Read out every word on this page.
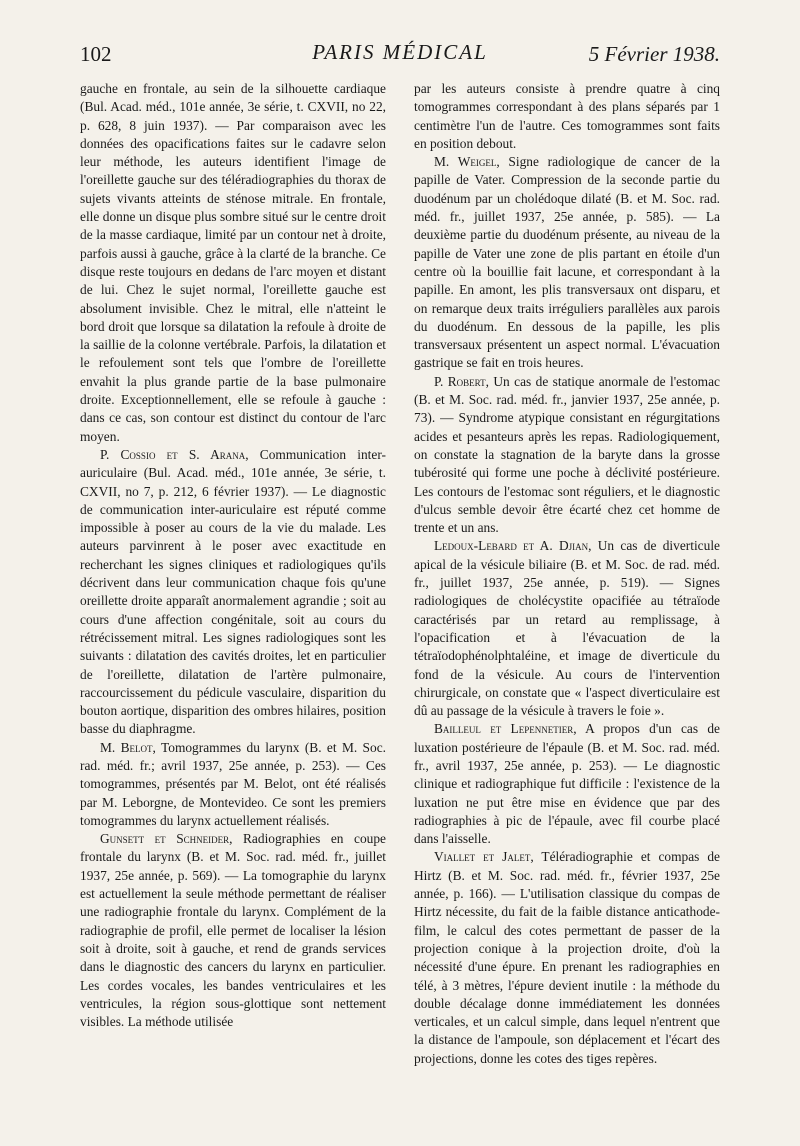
102	PARIS MÉDICAL	5 Février 1938.

gauche en frontale, au sein de la silhouette cardiaque (Bul. Acad. méd., 101e année, 3e série, t. CXVII, no 22, p. 628, 8 juin 1937). — Par comparaison avec les données des opacifications faites sur le cadavre selon leur méthode, les auteurs identifient l'image de l'oreillette gauche sur des téléradiographies du thorax de sujets vivants atteints de sténose mitrale. En frontale, elle donne un disque plus sombre situé sur le centre droit de la masse cardiaque, limité par un contour net à droite, parfois aussi à gauche, grâce à la clarté de la branche. Ce disque reste toujours en dedans de l'arc moyen et distant de lui. Chez le sujet normal, l'oreillette gauche est absolument invisible. Chez le mitral, elle n'atteint le bord droit que lorsque sa dilatation la refoule à droite de la saillie de la colonne vertébrale. Parfois, la dilatation et le refoulement sont tels que l'ombre de l'oreillette envahit la plus grande partie de la base pulmonaire droite. Exceptionnellement, elle se refoule à gauche : dans ce cas, son contour est distinct du contour de l'arc moyen.

P. Cossio et S. Arana, Communication inter-auriculaire (Bul. Acad. méd., 101e année, 3e série, t. CXVII, no 7, p. 212, 6 février 1937). — Le diagnostic de communication inter-auriculaire est réputé comme impossible à poser au cours de la vie du malade. Les auteurs parvinrent à le poser avec exactitude en recherchant les signes cliniques et radiologiques qu'ils décrivent dans leur communication chaque fois qu'une oreillette droite apparaît anormalement agrandie ; soit au cours d'une affection congénitale, soit au cours du rétrécissement mitral. Les signes radiologiques sont les suivants : dilatation des cavités droites, let en particulier de l'oreillette, dilatation de l'artère pulmonaire, raccourcissement du pédicule vasculaire, disparition du bouton aortique, disparition des ombres hilaires, position basse du diaphragme.

M. Belot, Tomogrammes du larynx (B. et M. Soc. rad. méd. fr.; avril 1937, 25e année, p. 253). — Ces tomogrammes, présentés par M. Belot, ont été réalisés par M. Leborgne, de Montevideo. Ce sont les premiers tomogrammes du larynx actuellement réalisés.

Gunsett et Schneider, Radiographies en coupe frontale du larynx (B. et M. Soc. rad. méd. fr., juillet 1937, 25e année, p. 569). — La tomographie du larynx est actuellement la seule méthode permettant de réaliser une radiographie frontale du larynx. Complément de la radiographie de profil, elle permet de localiser la lésion soit à droite, soit à gauche, et rend de grands services dans le diagnostic des cancers du larynx en particulier. Les cordes vocales, les bandes ventriculaires et les ventricules, la région sous-glottique sont nettement visibles. La méthode utilisée

par les auteurs consiste à prendre quatre à cinq tomogrammes correspondant à des plans séparés par 1 centimètre l'un de l'autre. Ces tomogrammes sont faits en position debout.

M. Weigel, Signe radiologique de cancer de la papille de Vater. Compression de la seconde partie du duodénum par un cholédoque dilaté (B. et M. Soc. rad. méd. fr., juillet 1937, 25e année, p. 585). — La deuxième partie du duodénum présente, au niveau de la papille de Vater une zone de plis partant en étoile d'un centre où la bouillie fait lacune, et correspondant à la papille. En amont, les plis transversaux ont disparu, et on remarque deux traits irréguliers parallèles aux parois du duodénum. En dessous de la papille, les plis transversaux présentent un aspect normal. L'évacuation gastrique se fait en trois heures.

P. Robert, Un cas de statique anormale de l'estomac (B. et M. Soc. rad. méd. fr., janvier 1937, 25e année, p. 73). — Syndrome atypique consistant en régurgitations acides et pesanteurs après les repas. Radiologiquement, on constate la stagnation de la baryte dans la grosse tubérosité qui forme une poche à déclivité postérieure. Les contours de l'estomac sont réguliers, et le diagnostic d'ulcus semble devoir être écarté chez cet homme de trente et un ans.

Ledoux-Lebard et A. Djian, Un cas de diverticule apical de la vésicule biliaire (B. et M. Soc. de rad. méd. fr., juillet 1937, 25e année, p. 519). — Signes radiologiques de cholécystite opacifiée au tétraïode caractérisés par un retard au remplissage, à l'opacification et à l'évacuation de la tétraïodophénolphtaléine, et image de diverticule du fond de la vésicule. Au cours de l'intervention chirurgicale, on constate que « l'aspect diverticulaire est dû au passage de la vésicule à travers le foie ».

Bailleul et Lepennetier, A propos d'un cas de luxation postérieure de l'épaule (B. et M. Soc. rad. méd. fr., avril 1937, 25e année, p. 253). — Le diagnostic clinique et radiographique fut difficile : l'existence de la luxation ne put être mise en évidence que par des radiographies à pic de l'épaule, avec fil courbe placé dans l'aisselle.

Viallet et Jalet, Téléradiographie et compas de Hirtz (B. et M. Soc. rad. méd. fr., février 1937, 25e année, p. 166). — L'utilisation classique du compas de Hirtz nécessite, du fait de la faible distance anticathode-film, le calcul des cotes permettant de passer de la projection conique à la projection droite, d'où la nécessité d'une épure. En prenant les radiographies en télé, à 3 mètres, l'épure devient inutile : la méthode du double décalage donne immédiatement les données verticales, et un calcul simple, dans lequel n'entrent que la distance de l'ampoule, son déplacement et l'écart des projections, donne les cotes des tiges repères.
